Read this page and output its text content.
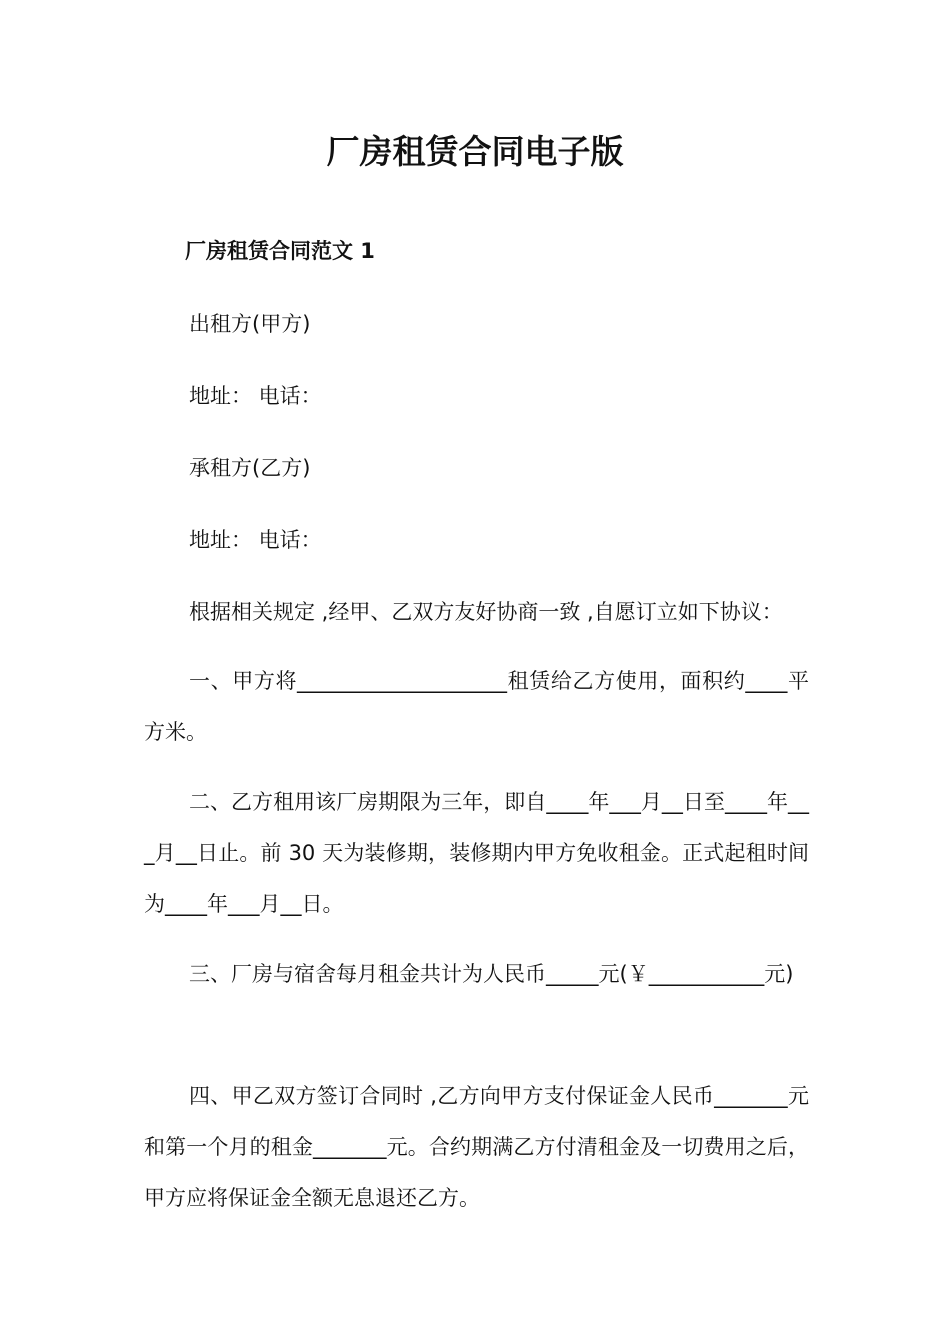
厂房租赁合同电子版
厂房租赁合同范文 1
出租方(甲方)
地址： 电话：
承租方(乙方)
地址： 电话：
根据相关规定 ,经甲、乙双方友好协商一致 ,自愿订立如下协议：
一、甲方将____________________租赁给乙方使用，面积约____平方米。
二、乙方租用该厂房期限为三年，即自____年___月__日至____年___月__日止。前 30 天为装修期，装修期内甲方免收租金。正式起租时间为____年___月__日。
三、厂房与宿舍每月租金共计为人民币_____元(￥___________元)
四、甲乙双方签订合同时 ,乙方向甲方支付保证金人民币_______元和第一个月的租金_______元。合约期满乙方付清租金及一切费用之后，甲方应将保证金全额无息退还乙方。
